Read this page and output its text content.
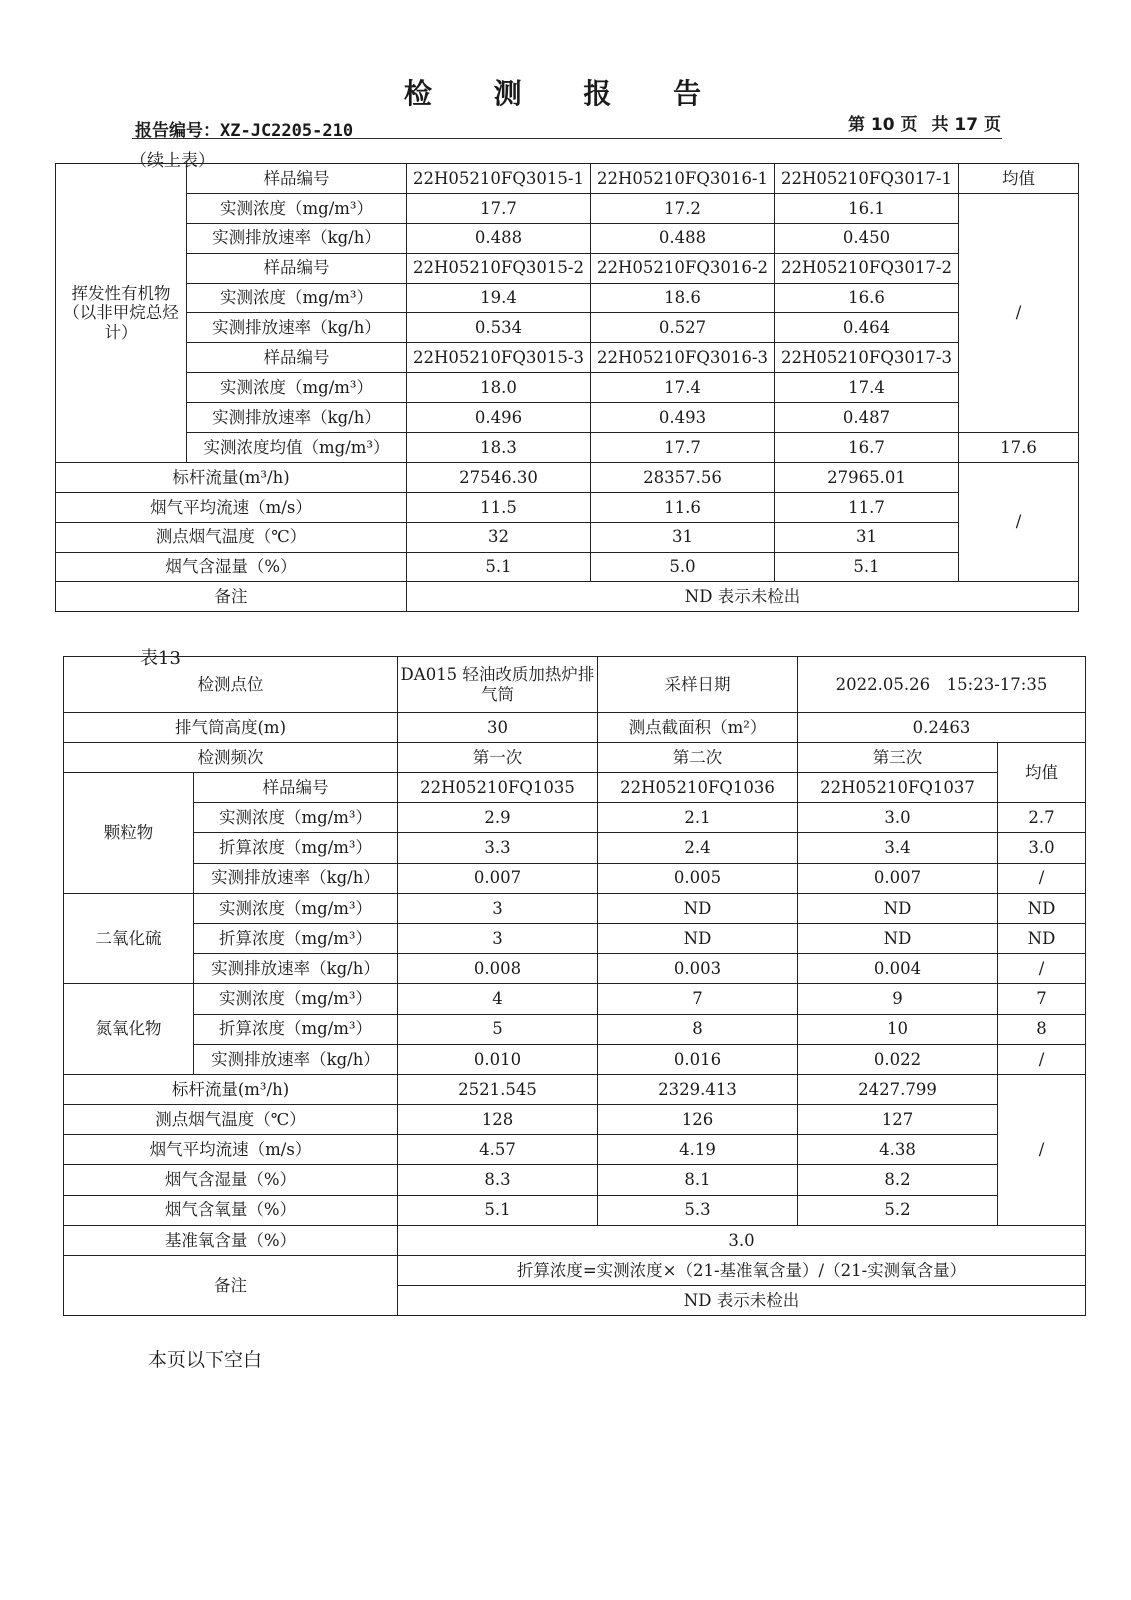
检 测 报 告
报告编号：XZ-JC2205-210	第 10 页 共 17 页
（续上表）
挥发性有机物（以非甲烷总烃计）	样品编号	22H05210FQ3015-1	22H05210FQ3016-1	22H05210FQ3017-1	均值
	实测浓度（mg/m³）	17.7	17.2	16.1	/
	实测排放速率（kg/h）	0.488	0.488	0.450	
	样品编号	22H05210FQ3015-2	22H05210FQ3016-2	22H05210FQ3017-2	
	实测浓度（mg/m³）	19.4	18.6	16.6	
	实测排放速率（kg/h）	0.534	0.527	0.464	
	样品编号	22H05210FQ3015-3	22H05210FQ3016-3	22H05210FQ3017-3	
	实测浓度（mg/m³）	18.0	17.4	17.4	
	实测排放速率（kg/h）	0.496	0.493	0.487	
	实测浓度均值（mg/m³）	18.3	17.7	16.7	17.6
标杆流量(m³/h)		27546.30	28357.56	27965.01	/
烟气平均流速（m/s）		11.5	11.6	11.7	
测点烟气温度（℃）		32	31	31	
烟气含湿量（%）		5.1	5.0	5.1	
备注		ND 表示未检出			
表13
检测点位		DA015 轻油改质加热炉排气筒	采样日期	2022.05.26　15:23-17:35	
排气筒高度(m)		30	测点截面积（m²）	0.2463	
检测频次		第一次	第二次	第三次	均值
颗粒物	样品编号	22H05210FQ1035	22H05210FQ1036	22H05210FQ1037	
	实测浓度（mg/m³）	2.9	2.1	3.0	2.7
	折算浓度（mg/m³）	3.3	2.4	3.4	3.0
	实测排放速率（kg/h）	0.007	0.005	0.007	/
二氧化硫	实测浓度（mg/m³）	3	ND	ND	ND
	折算浓度（mg/m³）	3	ND	ND	ND
	实测排放速率（kg/h）	0.008	0.003	0.004	/
氮氧化物	实测浓度（mg/m³）	4	7	9	7
	折算浓度（mg/m³）	5	8	10	8
	实测排放速率（kg/h）	0.010	0.016	0.022	/
标杆流量(m³/h)		2521.545	2329.413	2427.799	/
测点烟气温度（℃）		128	126	127	
烟气平均流速（m/s）		4.57	4.19	4.38	
烟气含湿量（%）		8.3	8.1	8.2	
烟气含氧量（%）		5.1	5.3	5.2	
基准氧含量（%）		3.0			
备注		折算浓度=实测浓度×（21-基准氧含量）/（21-实测氧含量）			
		ND 表示未检出			
本页以下空白
